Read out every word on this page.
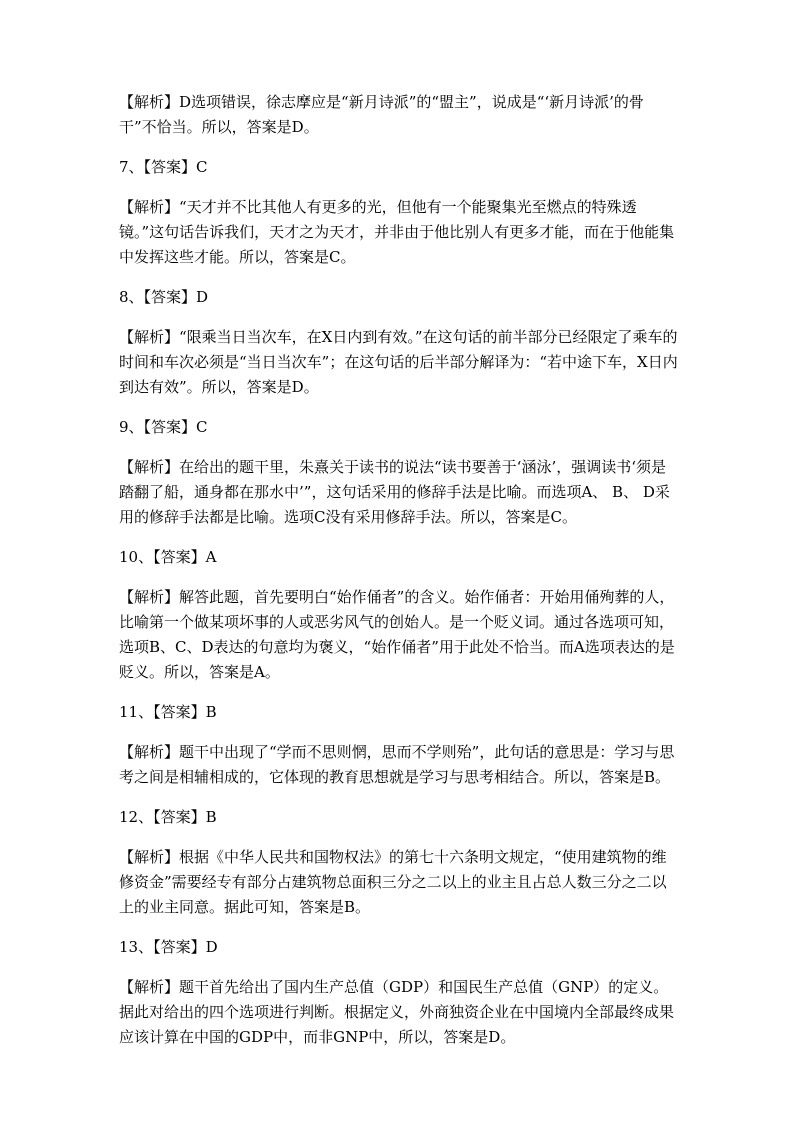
【解析】D选项错误，徐志摩应是“新月诗派”的“盟主”，说成是“‘新月诗派’的骨干”不恰当。所以，答案是D。

7、【答案】C

【解析】“天才并不比其他人有更多的光，但他有一个能聚集光至燃点的特殊透镜。”这句话告诉我们，天才之为天才，并非由于他比别人有更多才能，而在于他能集中发挥这些才能。所以，答案是C。

8、【答案】D

【解析】“限乘当日当次车，在X日内到有效。”在这句话的前半部分已经限定了乘车的时间和车次必须是“当日当次车”；在这句话的后半部分解译为：“若中途下车，X日内到达有效”。所以，答案是D。

9、【答案】C

【解析】在给出的题干里，朱熹关于读书的说法“读书要善于‘涵泳’，强调读书‘须是踏翻了船，通身都在那水中’”，这句话采用的修辞手法是比喻。而选项A、 B、 D采用的修辞手法都是比喻。选项C没有采用修辞手法。所以，答案是C。

10、【答案】A

【解析】解答此题，首先要明白“始作俑者”的含义。始作俑者：开始用俑殉葬的人，比喻第一个做某项坏事的人或恶劣风气的创始人。是一个贬义词。通过各选项可知，选项B、C、D表达的句意均为褒义，“始作俑者”用于此处不恰当。而A选项表达的是贬义。所以，答案是A。

11、【答案】B

【解析】题干中出现了“学而不思则惘，思而不学则殆”，此句话的意思是：学习与思考之间是相辅相成的，它体现的教育思想就是学习与思考相结合。所以，答案是B。

12、【答案】B

【解析】根据《中华人民共和国物权法》的第七十六条明文规定，“使用建筑物的维修资金”需要经专有部分占建筑物总面积三分之二以上的业主且占总人数三分之二以上的业主同意。据此可知，答案是B。

13、【答案】D

【解析】题干首先给出了国内生产总值（GDP）和国民生产总值（GNP）的定义。据此对给出的四个选项进行判断。根据定义，外商独资企业在中国境内全部最终成果应该计算在中国的GDP中，而非GNP中，所以，答案是D。
